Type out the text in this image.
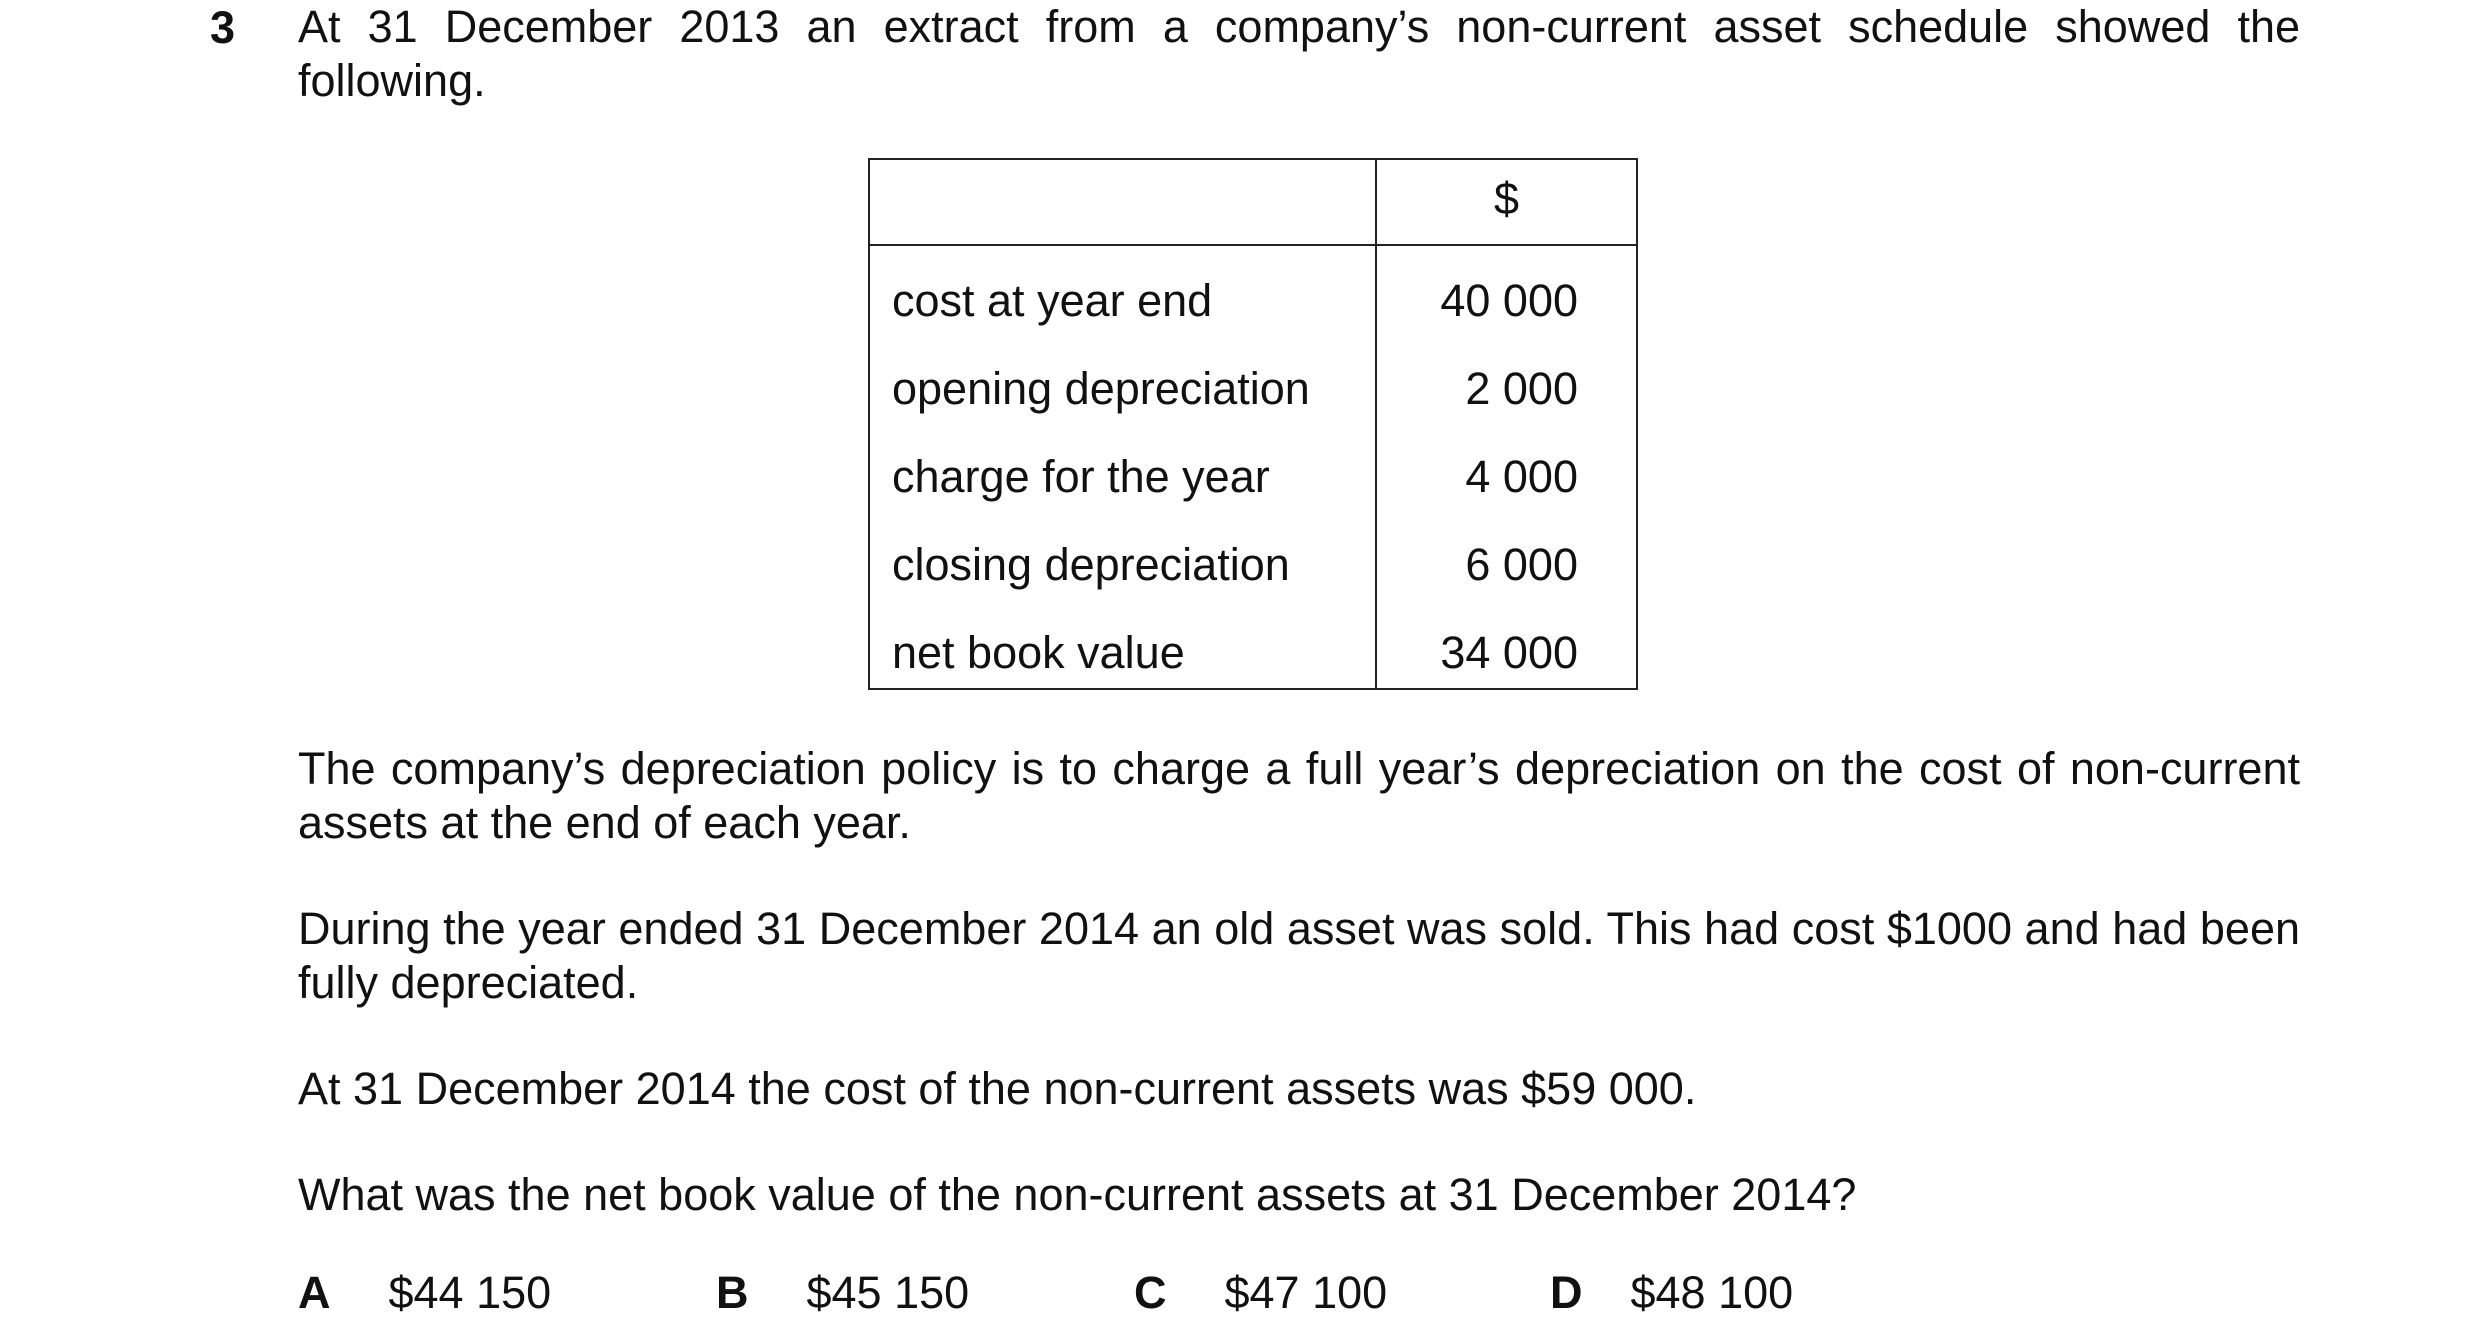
3 At 31 December 2013 an extract from a company’s non-current asset schedule showed the following.

$
cost at year end	40 000
opening depreciation	2 000
charge for the year	4 000
closing depreciation	6 000
net book value	34 000

The company’s depreciation policy is to charge a full year’s depreciation on the cost of non-current assets at the end of each year.

During the year ended 31 December 2014 an old asset was sold. This had cost $1000 and had been fully depreciated.

At 31 December 2014 the cost of the non-current assets was $59 000.

What was the net book value of the non-current assets at 31 December 2014?

A $44 150	B $45 150	C $47 100	D $48 100
